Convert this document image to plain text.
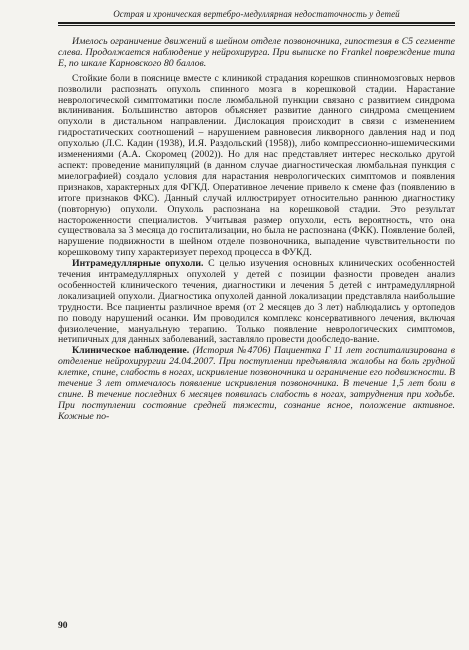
Острая и хроническая вертебро-медуллярная недостаточность у детей

Имелось ограничение движений в шейном отделе позвоночника, гипостезия в C5 сегменте слева. Продолжается наблюдение у нейрохирурга. При выписке по Frankel повреждение типа E, по шкале Карновского 80 баллов.

Стойкие боли в пояснице вместе с клиникой страдания корешков спинномозговых нервов позволили распознать опухоль спинного мозга в корешковой стадии. Нарастание неврологической симптоматики после люмбальной пункции связано с развитием синдрома вклинивания. Большинство авторов объясняет развитие данного синдрома смещением опухоли в дистальном направлении. Дислокация происходит в связи с изменением гидростатических соотношений – нарушением равновесия ликворного давления над и под опухолью (Л.С. Кадин (1938), И.Я. Раздольский (1958)), либо компрессионно-ишемическими изменениями (А.А. Скоромец (2002)). Но для нас представляет интерес несколько другой аспект: проведение манипуляций (в данном случае диагностическая люмбальная пункция с миелографией) создало условия для нарастания неврологических симптомов и появления признаков, характерных для ФГКД. Оперативное лечение привело к смене фаз (появлению в итоге признаков ФКС). Данный случай иллюстрирует относительно раннюю диагностику (повторную) опухоли. Опухоль распознана на корешковой стадии. Это результат настороженности специалистов. Учитывая размер опухоли, есть вероятность, что она существовала за 3 месяца до госпитализации, но была не распознана (ФКК). Появление болей, нарушение подвижности в шейном отделе позвоночника, выпадение чувствительности по корешковому типу характеризует переход процесса в ФУКД.

Интрамедуллярные опухоли. С целью изучения основных клинических особенностей течения интрамедуллярных опухолей у детей с позиции фазности проведен анализ особенностей клинического течения, диагностики и лечения 5 детей с интрамедуллярной локализацией опухоли. Диагностика опухолей данной локализации представляла наибольшие трудности. Все пациенты различное время (от 2 месяцев до 3 лет) наблюдались у ортопедов по поводу нарушений осанки. Им проводился комплекс консервативного лечения, включая физиолечение, мануальную терапию. Только появление неврологических симптомов, нетипичных для данных заболеваний, заставляло провести дообследо-вание.

Клиническое наблюдение. (История №4706) Пациентка Г 11 лет госпитализирована в отделение нейрохирургии 24.04.2007. При поступлении предъявляла жалобы на боль грудной клетке, спине, слабость в ногах, искривление позвоночника и ограничение его подвижности. В течение 3 лет отмечалось появление искривления позвоночника. В течение 1,5 лет боли в спине. В течение последних 6 месяцев появилась слабость в ногах, затруднения при ходьбе. При поступлении состояние средней тяжести, сознание ясное, положение активное. Кожные по-

90
